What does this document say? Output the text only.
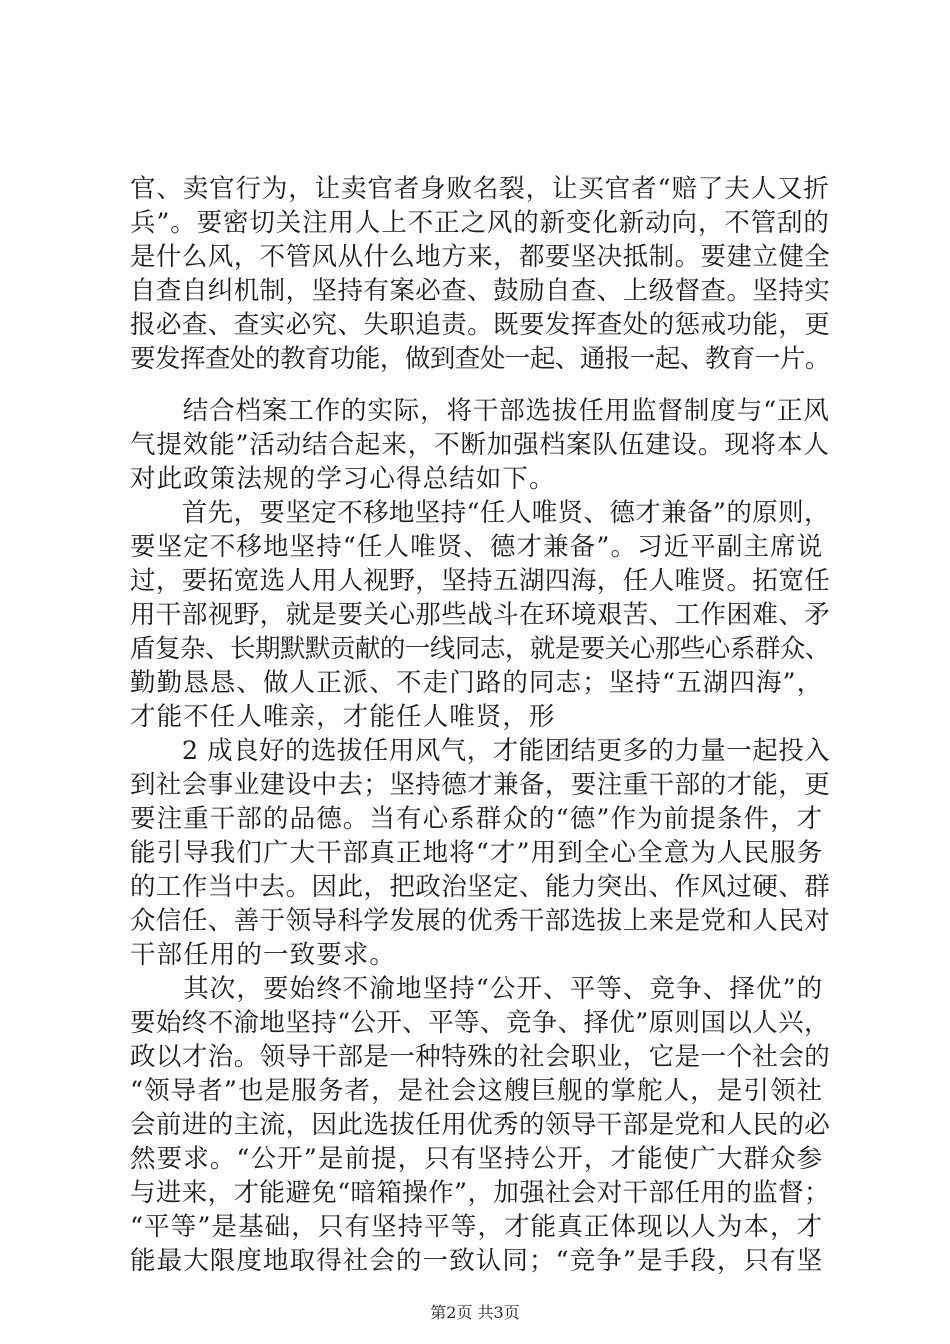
官、卖官行为，让卖官者身败名裂，让买官者“赔了夫人又折
兵”。要密切关注用人上不正之风的新变化新动向，不管刮的
是什么风，不管风从什么地方来，都要坚决抵制。要建立健全
自查自纠机制，坚持有案必查、鼓励自查、上级督查。坚持实
报必查、查实必究、失职追责。既要发挥查处的惩戒功能，更
要发挥查处的教育功能，做到查处一起、通报一起、教育一片。
　　结合档案工作的实际，将干部选拔任用监督制度与“正风
气提效能”活动结合起来，不断加强档案队伍建设。现将本人
对此政策法规的学习心得总结如下。
　　首先，要坚定不移地坚持“任人唯贤、德才兼备”的原则，
要坚定不移地坚持“任人唯贤、德才兼备”。习近平副主席说
过，要拓宽选人用人视野，坚持五湖四海，任人唯贤。拓宽任
用干部视野，就是要关心那些战斗在环境艰苦、工作困难、矛
盾复杂、长期默默贡献的一线同志，就是要关心那些心系群众、
勤勤恳恳、做人正派、不走门路的同志；坚持“五湖四海”，
才能不任人唯亲，才能任人唯贤，形
　　2 成良好的选拔任用风气，才能团结更多的力量一起投入
到社会事业建设中去；坚持德才兼备，要注重干部的才能，更
要注重干部的品德。当有心系群众的“德”作为前提条件，才
能引导我们广大干部真正地将“才”用到全心全意为人民服务
的工作当中去。因此，把政治坚定、能力突出、作风过硬、群
众信任、善于领导科学发展的优秀干部选拔上来是党和人民对
干部任用的一致要求。
　　其次，要始终不渝地坚持“公开、平等、竞争、择优”的
要始终不渝地坚持“公开、平等、竞争、择优”原则国以人兴，
政以才治。领导干部是一种特殊的社会职业，它是一个社会的
“领导者”也是服务者，是社会这艘巨舰的掌舵人，是引领社
会前进的主流，因此选拔任用优秀的领导干部是党和人民的必
然要求。“公开”是前提，只有坚持公开，才能使广大群众参
与进来，才能避免“暗箱操作”，加强社会对干部任用的监督；
“平等”是基础，只有坚持平等，才能真正体现以人为本，才
能最大限度地取得社会的一致认同；“竞争”是手段，只有坚
第2页 共3页
